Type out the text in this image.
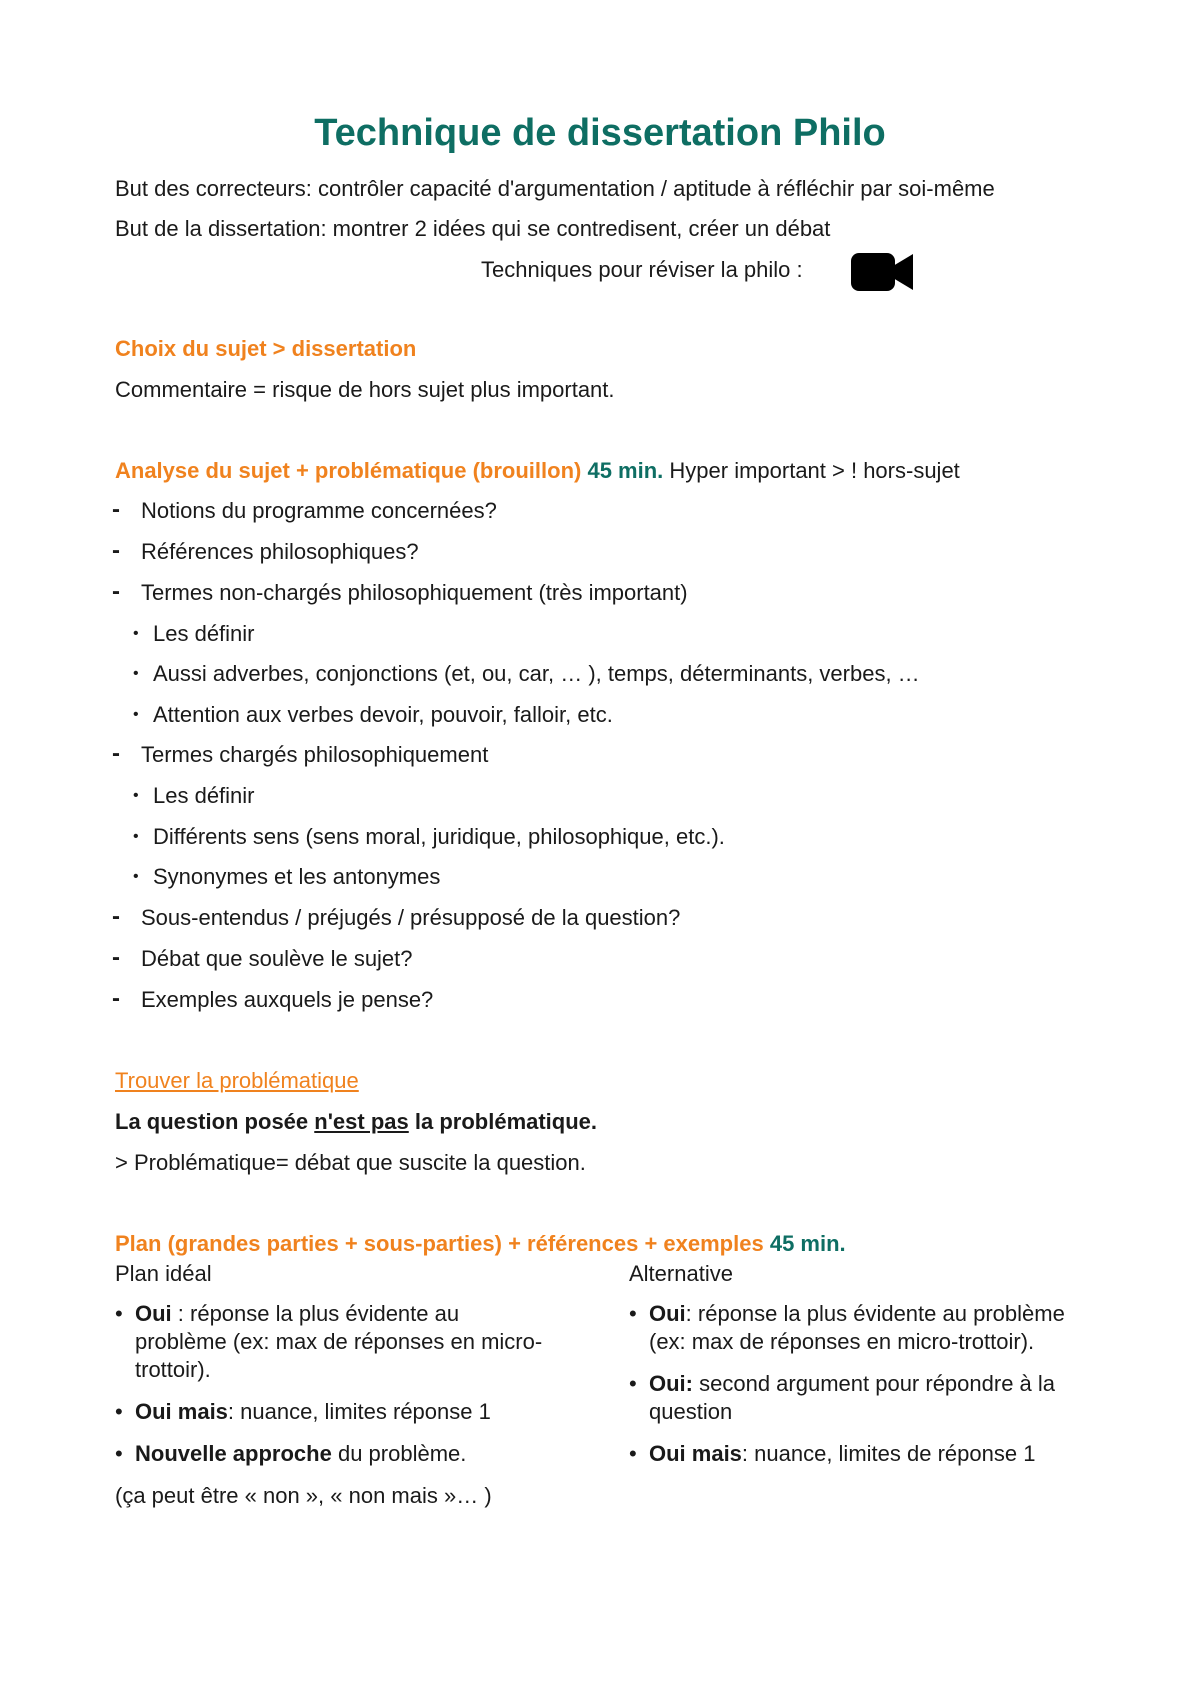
Technique de dissertation Philo
But des correcteurs: contrôler capacité d'argumentation / aptitude à réfléchir par soi-même
But de la dissertation: montrer 2 idées qui se contredisent, créer un débat
Techniques pour réviser la philo :
Choix du sujet > dissertation
Commentaire = risque de hors sujet plus important.
Analyse du sujet + problématique (brouillon) 45 min. Hyper important > ! hors-sujet
- Notions du programme concernées?
- Références philosophiques?
- Termes non-chargés philosophiquement (très important)
• Les définir
• Aussi adverbes, conjonctions (et, ou, car, … ), temps, déterminants, verbes, …
• Attention aux verbes devoir, pouvoir, falloir, etc.
- Termes chargés philosophiquement
• Les définir
• Différents sens (sens moral, juridique, philosophique, etc.).
• Synonymes et les antonymes
- Sous-entendus / préjugés / présupposé de la question?
- Débat que soulève le sujet?
- Exemples auxquels je pense?
Trouver la problématique
La question posée n'est pas la problématique.
> Problématique= débat que suscite la question.
Plan (grandes parties + sous-parties) + références + exemples 45 min.
Plan idéal
• Oui : réponse la plus évidente au problème (ex: max de réponses en micro-trottoir).
• Oui mais: nuance, limites réponse 1
• Nouvelle approche du problème.
(ça peut être « non », « non mais »… )
Alternative
• Oui: réponse la plus évidente au problème (ex: max de réponses en micro-trottoir).
• Oui: second argument pour répondre à la question
• Oui mais: nuance, limites de réponse 1
